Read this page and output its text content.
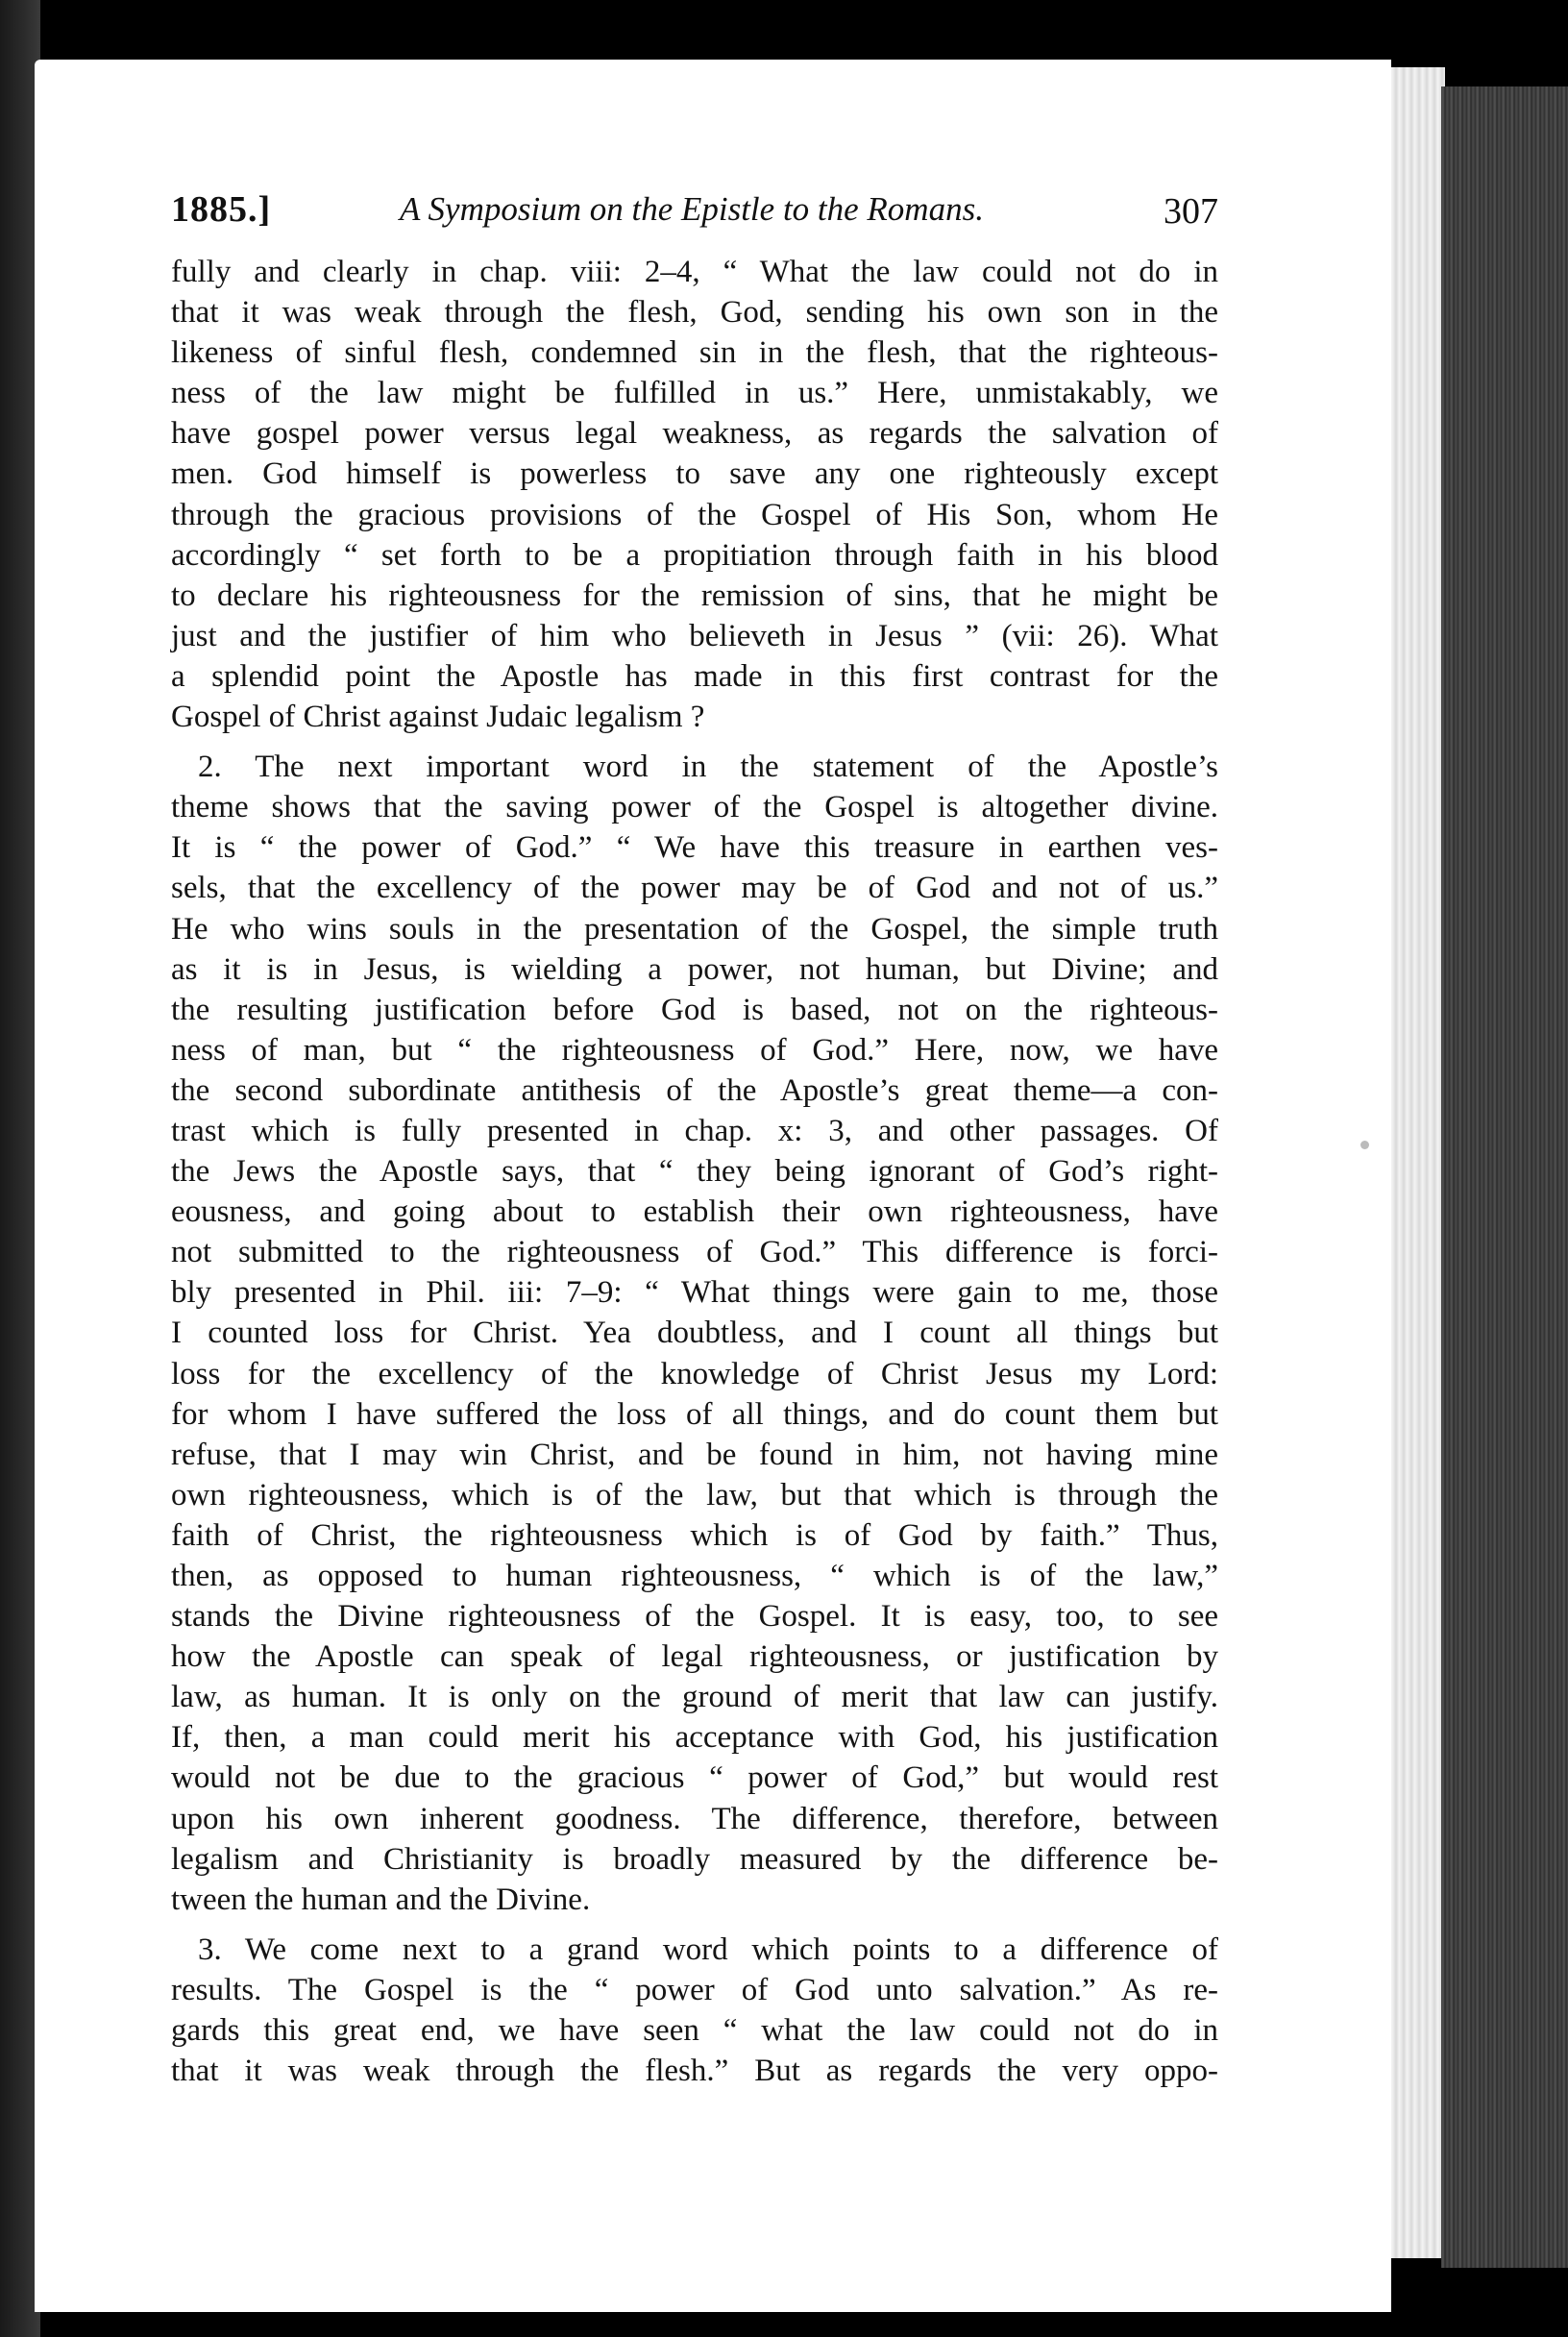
1885.]	A Symposium on the Epistle to the Romans.	307
fully and clearly in chap. viii: 2–4, “ What the law could not do in
that it was weak through the flesh, God, sending his own son in the
likeness of sinful flesh, condemned sin in the flesh, that the righteous-
ness of the law might be fulfilled in us.” Here, unmistakably, we
have gospel power versus legal weakness, as regards the salvation of
men. God himself is powerless to save any one righteously except
through the gracious provisions of the Gospel of His Son, whom He
accordingly “ set forth to be a propitiation through faith in his blood
to declare his righteousness for the remission of sins, that he might be
just and the justifier of him who believeth in Jesus ” (vii: 26). What
a splendid point the Apostle has made in this first contrast for the
Gospel of Christ against Judaic legalism ?
2. The next important word in the statement of the Apostle’s
theme shows that the saving power of the Gospel is altogether divine.
It is “ the power of God.” “ We have this treasure in earthen ves-
sels, that the excellency of the power may be of God and not of us.”
He who wins souls in the presentation of the Gospel, the simple truth
as it is in Jesus, is wielding a power, not human, but Divine; and
the resulting justification before God is based, not on the righteous-
ness of man, but “ the righteousness of God.” Here, now, we have
the second subordinate antithesis of the Apostle’s great theme—a con-
trast which is fully presented in chap. x: 3, and other passages. Of
the Jews the Apostle says, that “ they being ignorant of God’s right-
eousness, and going about to establish their own righteousness, have
not submitted to the righteousness of God.” This difference is forci-
bly presented in Phil. iii: 7–9: “ What things were gain to me, those
I counted loss for Christ. Yea doubtless, and I count all things but
loss for the excellency of the knowledge of Christ Jesus my Lord:
for whom I have suffered the loss of all things, and do count them but
refuse, that I may win Christ, and be found in him, not having mine
own righteousness, which is of the law, but that which is through the
faith of Christ, the righteousness which is of God by faith.” Thus,
then, as opposed to human righteousness, “ which is of the law,”
stands the Divine righteousness of the Gospel. It is easy, too, to see
how the Apostle can speak of legal righteousness, or justification by
law, as human. It is only on the ground of merit that law can justify.
If, then, a man could merit his acceptance with God, his justification
would not be due to the gracious “ power of God,” but would rest
upon his own inherent goodness. The difference, therefore, between
legalism and Christianity is broadly measured by the difference be-
tween the human and the Divine.
3. We come next to a grand word which points to a difference of
results. The Gospel is the “ power of God unto salvation.” As re-
gards this great end, we have seen “ what the law could not do in
that it was weak through the flesh.” But as regards the very oppo-
